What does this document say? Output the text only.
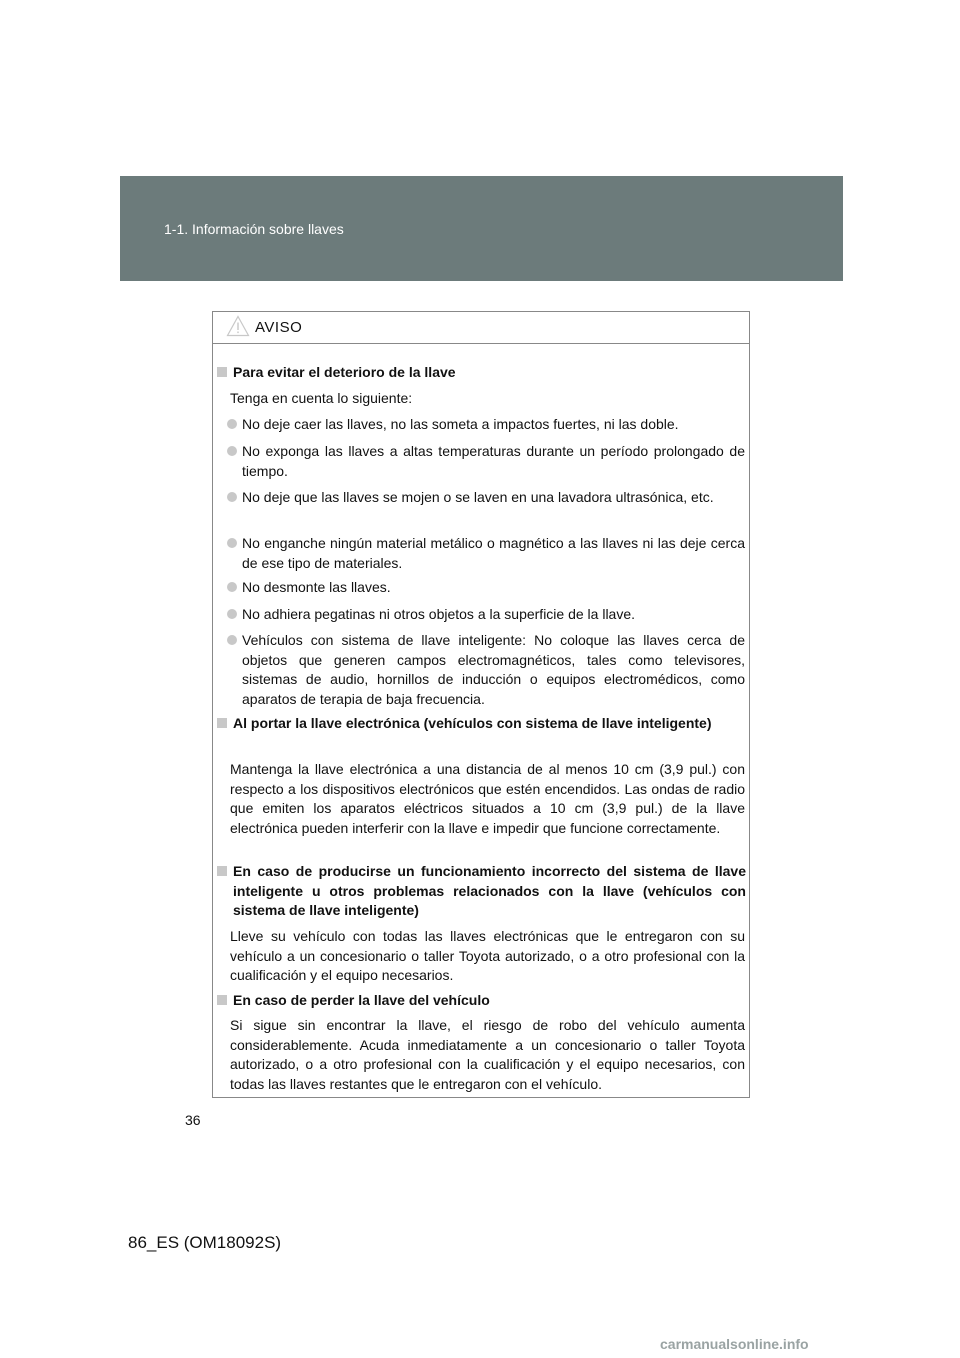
1-1. Información sobre llaves
AVISO
Para evitar el deterioro de la llave
Tenga en cuenta lo siguiente:
No deje caer las llaves, no las someta a impactos fuertes, ni las doble.
No exponga las llaves a altas temperaturas durante un período prolongado de tiempo.
No deje que las llaves se mojen o se laven en una lavadora ultrasónica, etc.
No enganche ningún material metálico o magnético a las llaves ni las deje cerca de ese tipo de materiales.
No desmonte las llaves.
No adhiera pegatinas ni otros objetos a la superficie de la llave.
Vehículos con sistema de llave inteligente: No coloque las llaves cerca de objetos que generen campos electromagnéticos, tales como televisores, sistemas de audio, hornillos de inducción o equipos electromédicos, como aparatos de terapia de baja frecuencia.
Al portar la llave electrónica (vehículos con sistema de llave inteligente)
Mantenga la llave electrónica a una distancia de al menos 10 cm (3,9 pul.) con respecto a los dispositivos electrónicos que estén encendidos. Las ondas de radio que emiten los aparatos eléctricos situados a 10 cm (3,9 pul.) de la llave electrónica pueden interferir con la llave e impedir que funcione correctamente.
En caso de producirse un funcionamiento incorrecto del sistema de llave inteligente u otros problemas relacionados con la llave (vehículos con sistema de llave inteligente)
Lleve su vehículo con todas las llaves electrónicas que le entregaron con su vehículo a un concesionario o taller Toyota autorizado, o a otro profesional con la cualificación y el equipo necesarios.
En caso de perder la llave del vehículo
Si sigue sin encontrar la llave, el riesgo de robo del vehículo aumenta considerablemente. Acuda inmediatamente a un concesionario o taller Toyota autorizado, o a otro profesional con la cualificación y el equipo necesarios, con todas las llaves restantes que le entregaron con el vehículo.
36
86_ES (OM18092S)
carmanualsonline.info
